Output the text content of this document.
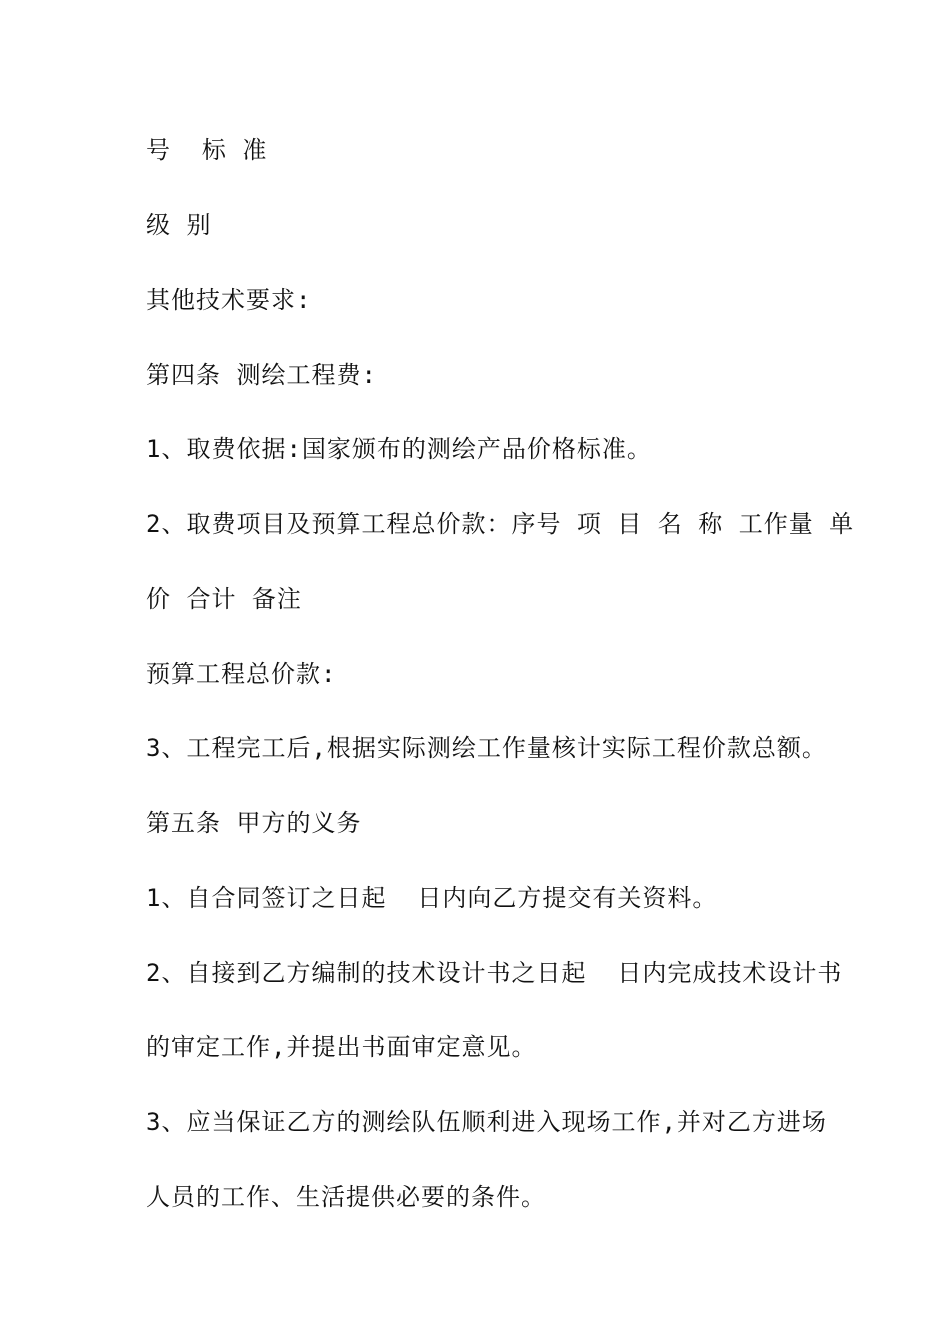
号  标 准
级 别
其他技术要求:
第四条 测绘工程费:
1、取费依据:国家颁布的测绘产品价格标准。
2、取费项目及预算工程总价款：序号 项 目 名 称 工作量 单
价 合计 备注
预算工程总价款:
3、工程完工后,根据实际测绘工作量核计实际工程价款总额。
第五条 甲方的义务
1、自合同签订之日起  日内向乙方提交有关资料。
2、自接到乙方编制的技术设计书之日起  日内完成技术设计书
的审定工作,并提出书面审定意见。
3、应当保证乙方的测绘队伍顺利进入现场工作,并对乙方进场
人员的工作、生活提供必要的条件。
